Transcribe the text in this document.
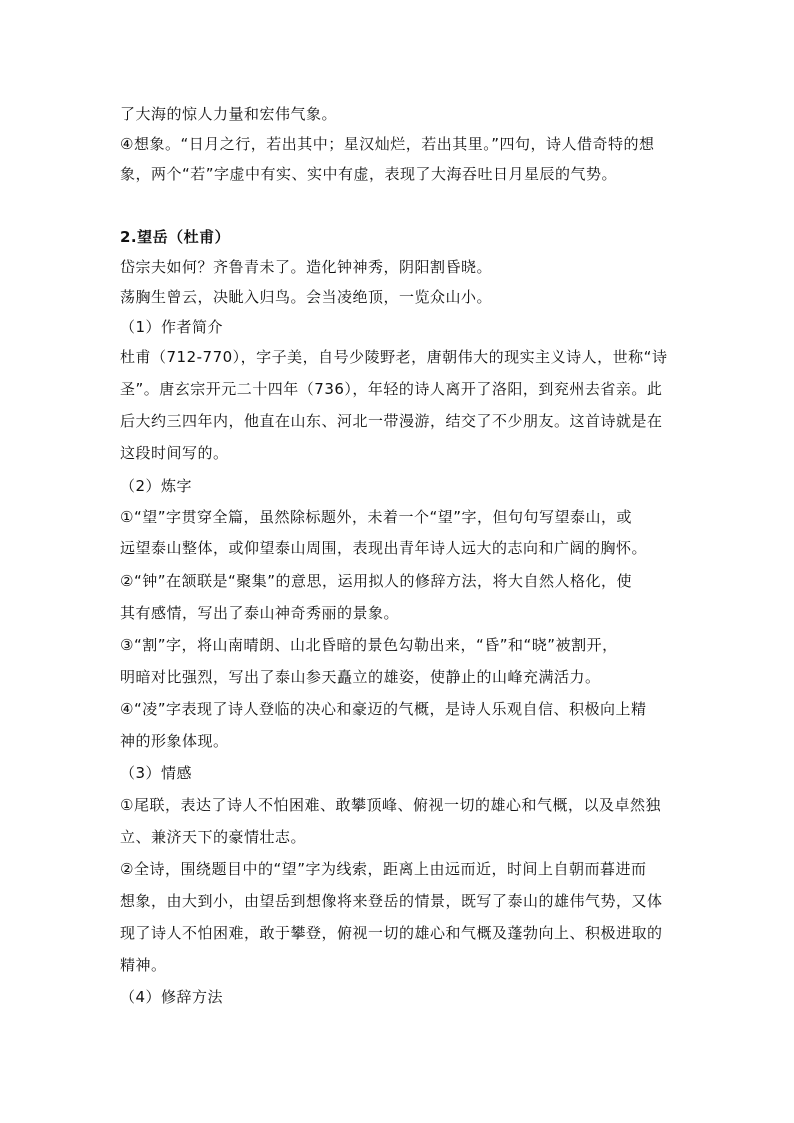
了大海的惊人力量和宏伟气象。
④想象。“日月之行，若出其中；星汉灿烂，若出其里。”四句，诗人借奇特的想
象，两个“若”字虚中有实、实中有虚，表现了大海吞吐日月星辰的气势。
2.望岳（杜甫）
岱宗夫如何？齐鲁青未了。造化钟神秀，阴阳割昏晓。
荡胸生曾云，决眦入归鸟。会当凌绝顶，一览众山小。
（1）作者简介
杜甫（712-770），字子美，自号少陵野老，唐朝伟大的现实主义诗人，世称“诗
圣”。唐玄宗开元二十四年（736），年轻的诗人离开了洛阳，到兖州去省亲。此
后大约三四年内，他直在山东、河北一带漫游，结交了不少朋友。这首诗就是在
这段时间写的。
（2）炼字
①“望”字贯穿全篇，虽然除标题外，未着一个“望”字，但句句写望泰山，或
远望泰山整体，或仰望泰山周围，表现出青年诗人远大的志向和广阔的胸怀。
②“钟”在颔联是“聚集”的意思，运用拟人的修辞方法，将大自然人格化，使
其有感情，写出了泰山神奇秀丽的景象。
③“割”字，将山南晴朗、山北昏暗的景色勾勒出来，“昏”和“晓”被割开，
明暗对比强烈，写出了泰山参天矗立的雄姿，使静止的山峰充满活力。
④“凌”字表现了诗人登临的决心和豪迈的气概，是诗人乐观自信、积极向上精
神的形象体现。
（3）情感
①尾联，表达了诗人不怕困难、敢攀顶峰、俯视一切的雄心和气概，以及卓然独
立、兼济天下的豪情壮志。
②全诗，围绕题目中的“望”字为线索，距离上由远而近，时间上自朝而暮进而
想象，由大到小，由望岳到想像将来登岳的情景，既写了泰山的雄伟气势，又体
现了诗人不怕困难，敢于攀登，俯视一切的雄心和气概及蓬勃向上、积极进取的
精神。
（4）修辞方法
